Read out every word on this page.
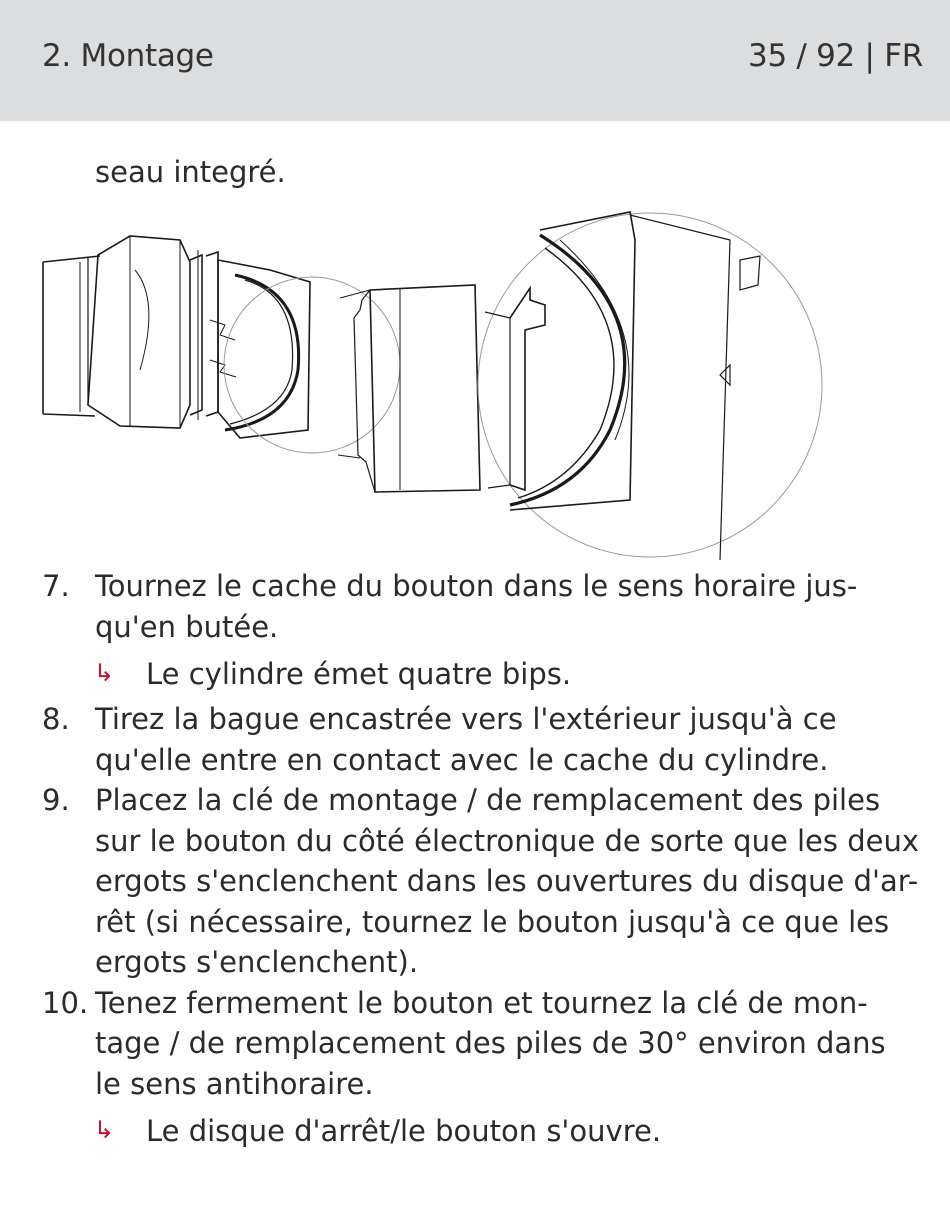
2. Montage	35 / 92 | FR
seau integré.
7. Tournez le cache du bouton dans le sens horaire jus-
qu'en butée.
↳ Le cylindre émet quatre bips.
8. Tirez la bague encastrée vers l'extérieur jusqu'à ce
qu'elle entre en contact avec le cache du cylindre.
9. Placez la clé de montage / de remplacement des piles
sur le bouton du côté électronique de sorte que les deux
ergots s'enclenchent dans les ouvertures du disque d'ar-
rêt (si nécessaire, tournez le bouton jusqu'à ce que les
ergots s'enclenchent).
10. Tenez fermement le bouton et tournez la clé de mon-
tage / de remplacement des piles de 30° environ dans
le sens antihoraire.
↳ Le disque d'arrêt/le bouton s'ouvre.
